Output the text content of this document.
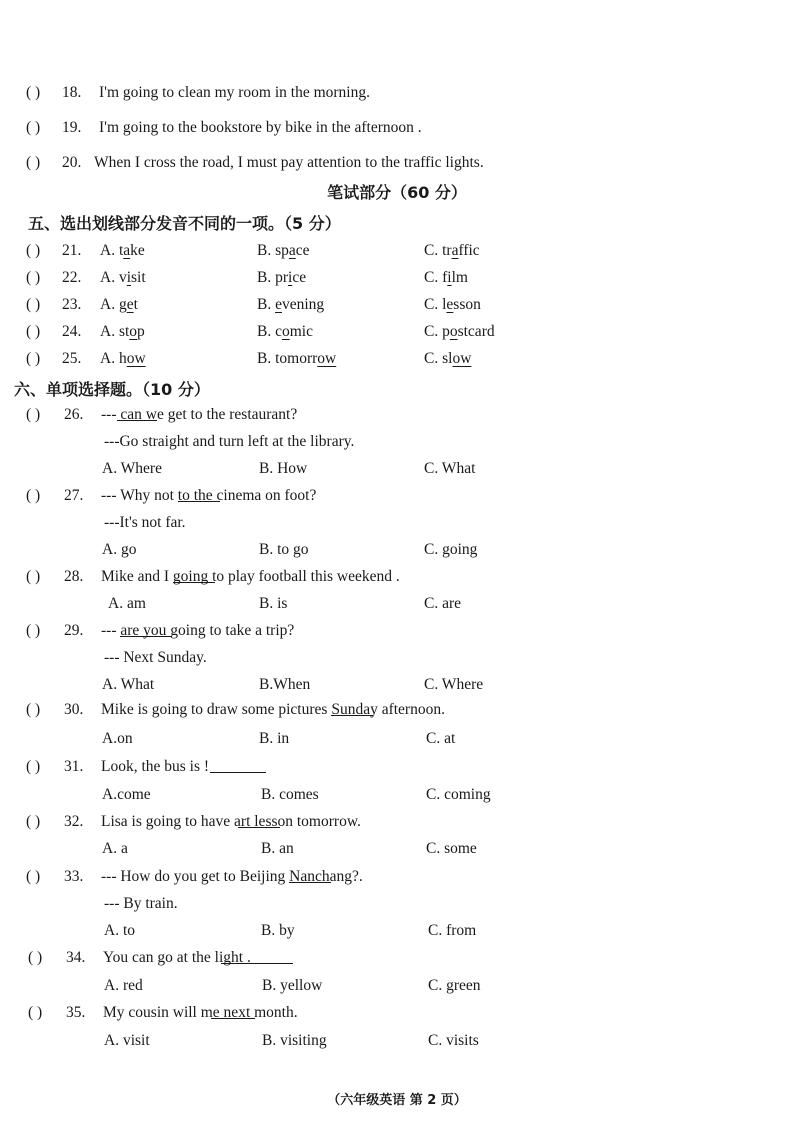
( ) 18. I'm going to clean my room in the morning.
( ) 19. I'm going to the bookstore by bike in the afternoon .
( ) 20. When I cross the road, I must pay attention to the traffic lights.
笔试部分（60 分）
五、选出划线部分发音不同的一项。（5 分）
( ) 21. A. take	B. space	C. traffic
( ) 22. A. visit	B. price	C. film
( ) 23. A. get	B. evening	C. lesson
( ) 24. A. stop	B. comic	C. postcard
( ) 25. A. how	B. tomorrow	C. slow
六、单项选择题。（10 分）
( ) 26. ---
can we get to the restaurant?
---Go straight and turn left at the library.
A. Where	B. How	C. What
( ) 27. --- Why not
to the cinema on foot?
---It's not far.
A. go	B. to go	C. going
( ) 28. Mike and I
going to play football this weekend .
A. am	B. is	C. are
( ) 29. ---
are you going to take a trip?
--- Next Sunday.
A. What	B.When	C. Where
( ) 30. Mike is going to draw some pictures
Sunday afternoon.
A.on	B. in	C. at
( ) 31. Look, the bus is
!
A.come	B. comes	C. coming
( ) 32. Lisa is going to have
art lesson tomorrow.
A. a	B. an	C. some
( ) 33. --- How do you get to Beijing
Nanchang?.
--- By train.
A. to	B. by	C. from
( ) 34. You can go at the
light .
A. red	B. yellow	C. green
( ) 35. My cousin will
me next month.
A. visit	B. visiting	C. visits
（六年级英语 第 2 页）
